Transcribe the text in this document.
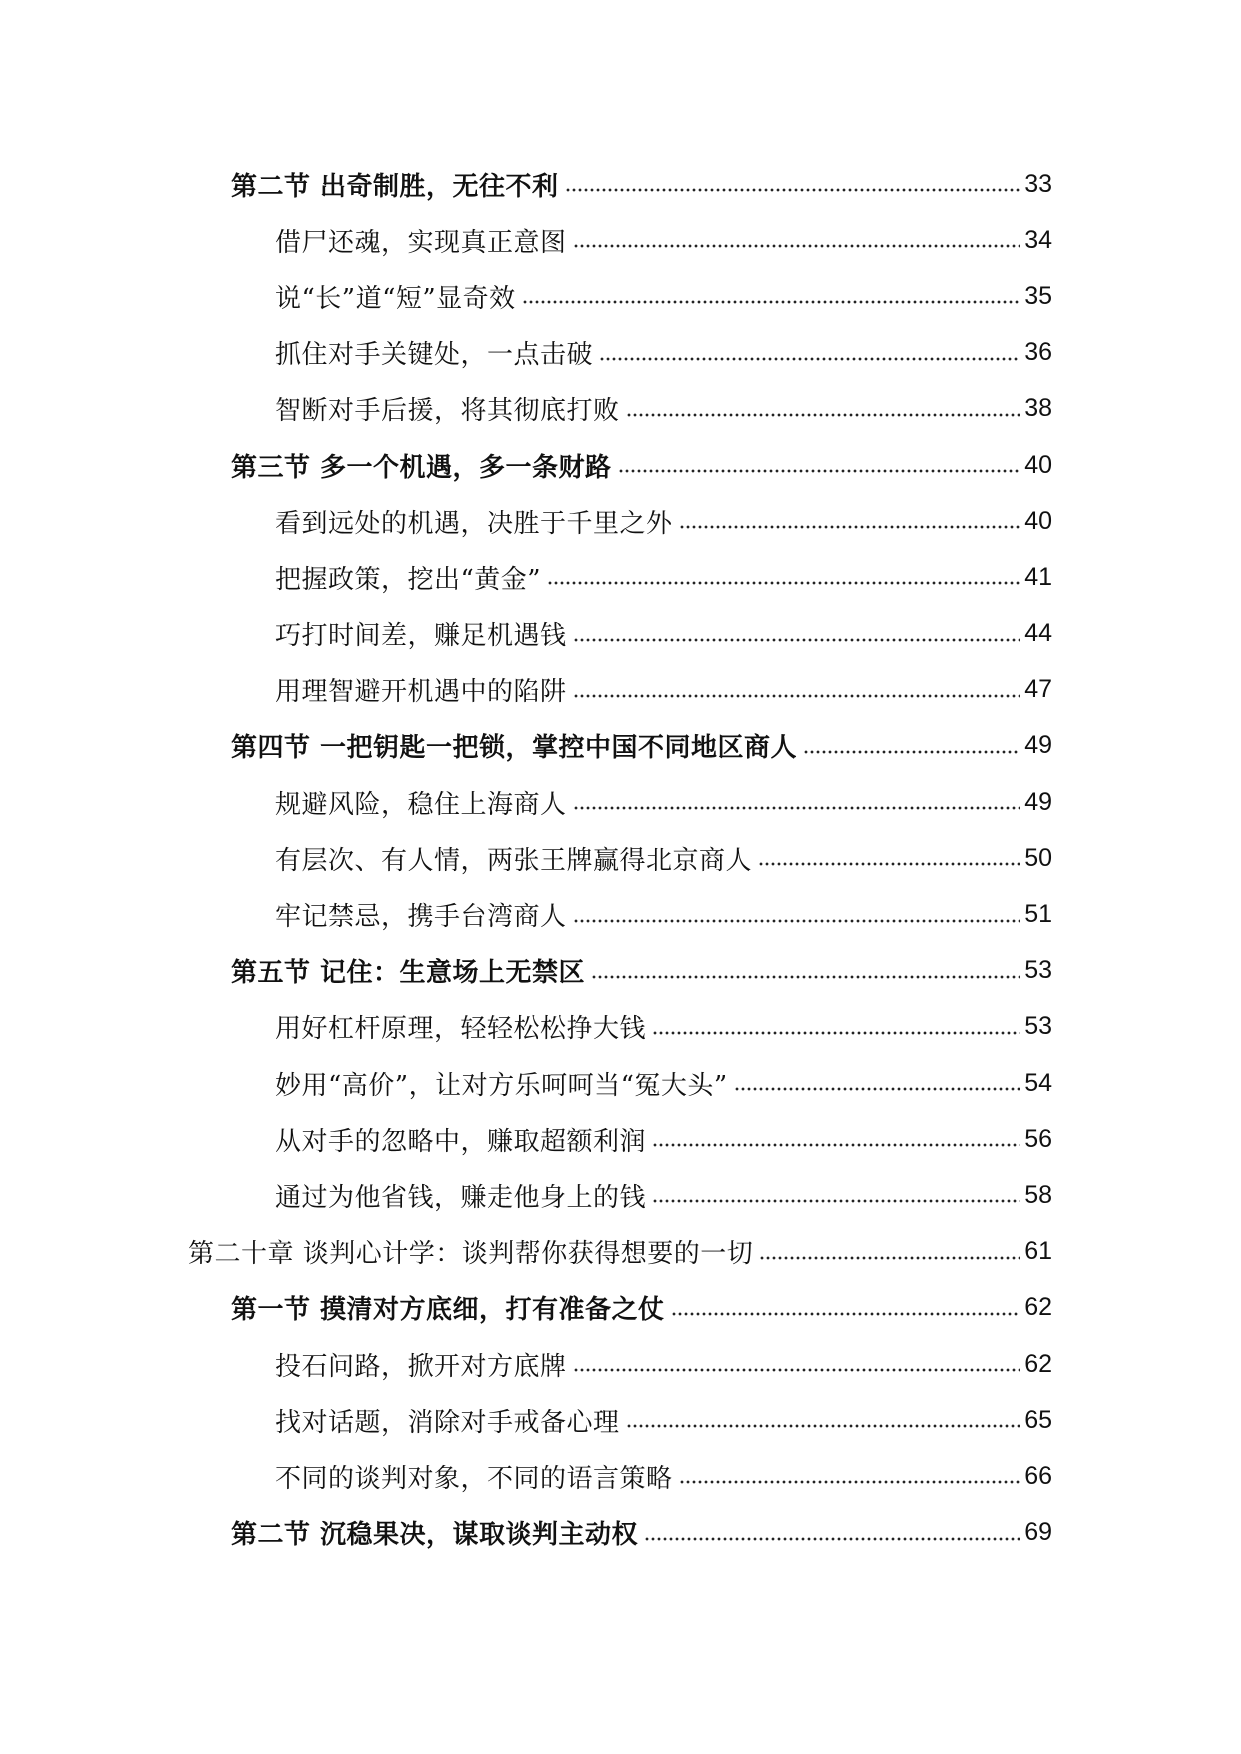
第二节 出奇制胜，无往不利	33
借尸还魂，实现真正意图	34
说“长”道“短”显奇效	35
抓住对手关键处，一点击破	36
智断对手后援，将其彻底打败	38
第三节 多一个机遇，多一条财路	40
看到远处的机遇，决胜于千里之外	40
把握政策，挖出“黄金”	41
巧打时间差，赚足机遇钱	44
用理智避开机遇中的陷阱	47
第四节 一把钥匙一把锁，掌控中国不同地区商人	49
规避风险，稳住上海商人	49
有层次、有人情，两张王牌赢得北京商人	50
牢记禁忌，携手台湾商人	51
第五节 记住：生意场上无禁区	53
用好杠杆原理，轻轻松松挣大钱	53
妙用“高价”，让对方乐呵呵当“冤大头”	54
从对手的忽略中，赚取超额利润	56
通过为他省钱，赚走他身上的钱	58
第二十章 谈判心计学：谈判帮你获得想要的一切	61
第一节 摸清对方底细，打有准备之仗	62
投石问路，掀开对方底牌	62
找对话题，消除对手戒备心理	65
不同的谈判对象，不同的语言策略	66
第二节 沉稳果决，谋取谈判主动权	69
